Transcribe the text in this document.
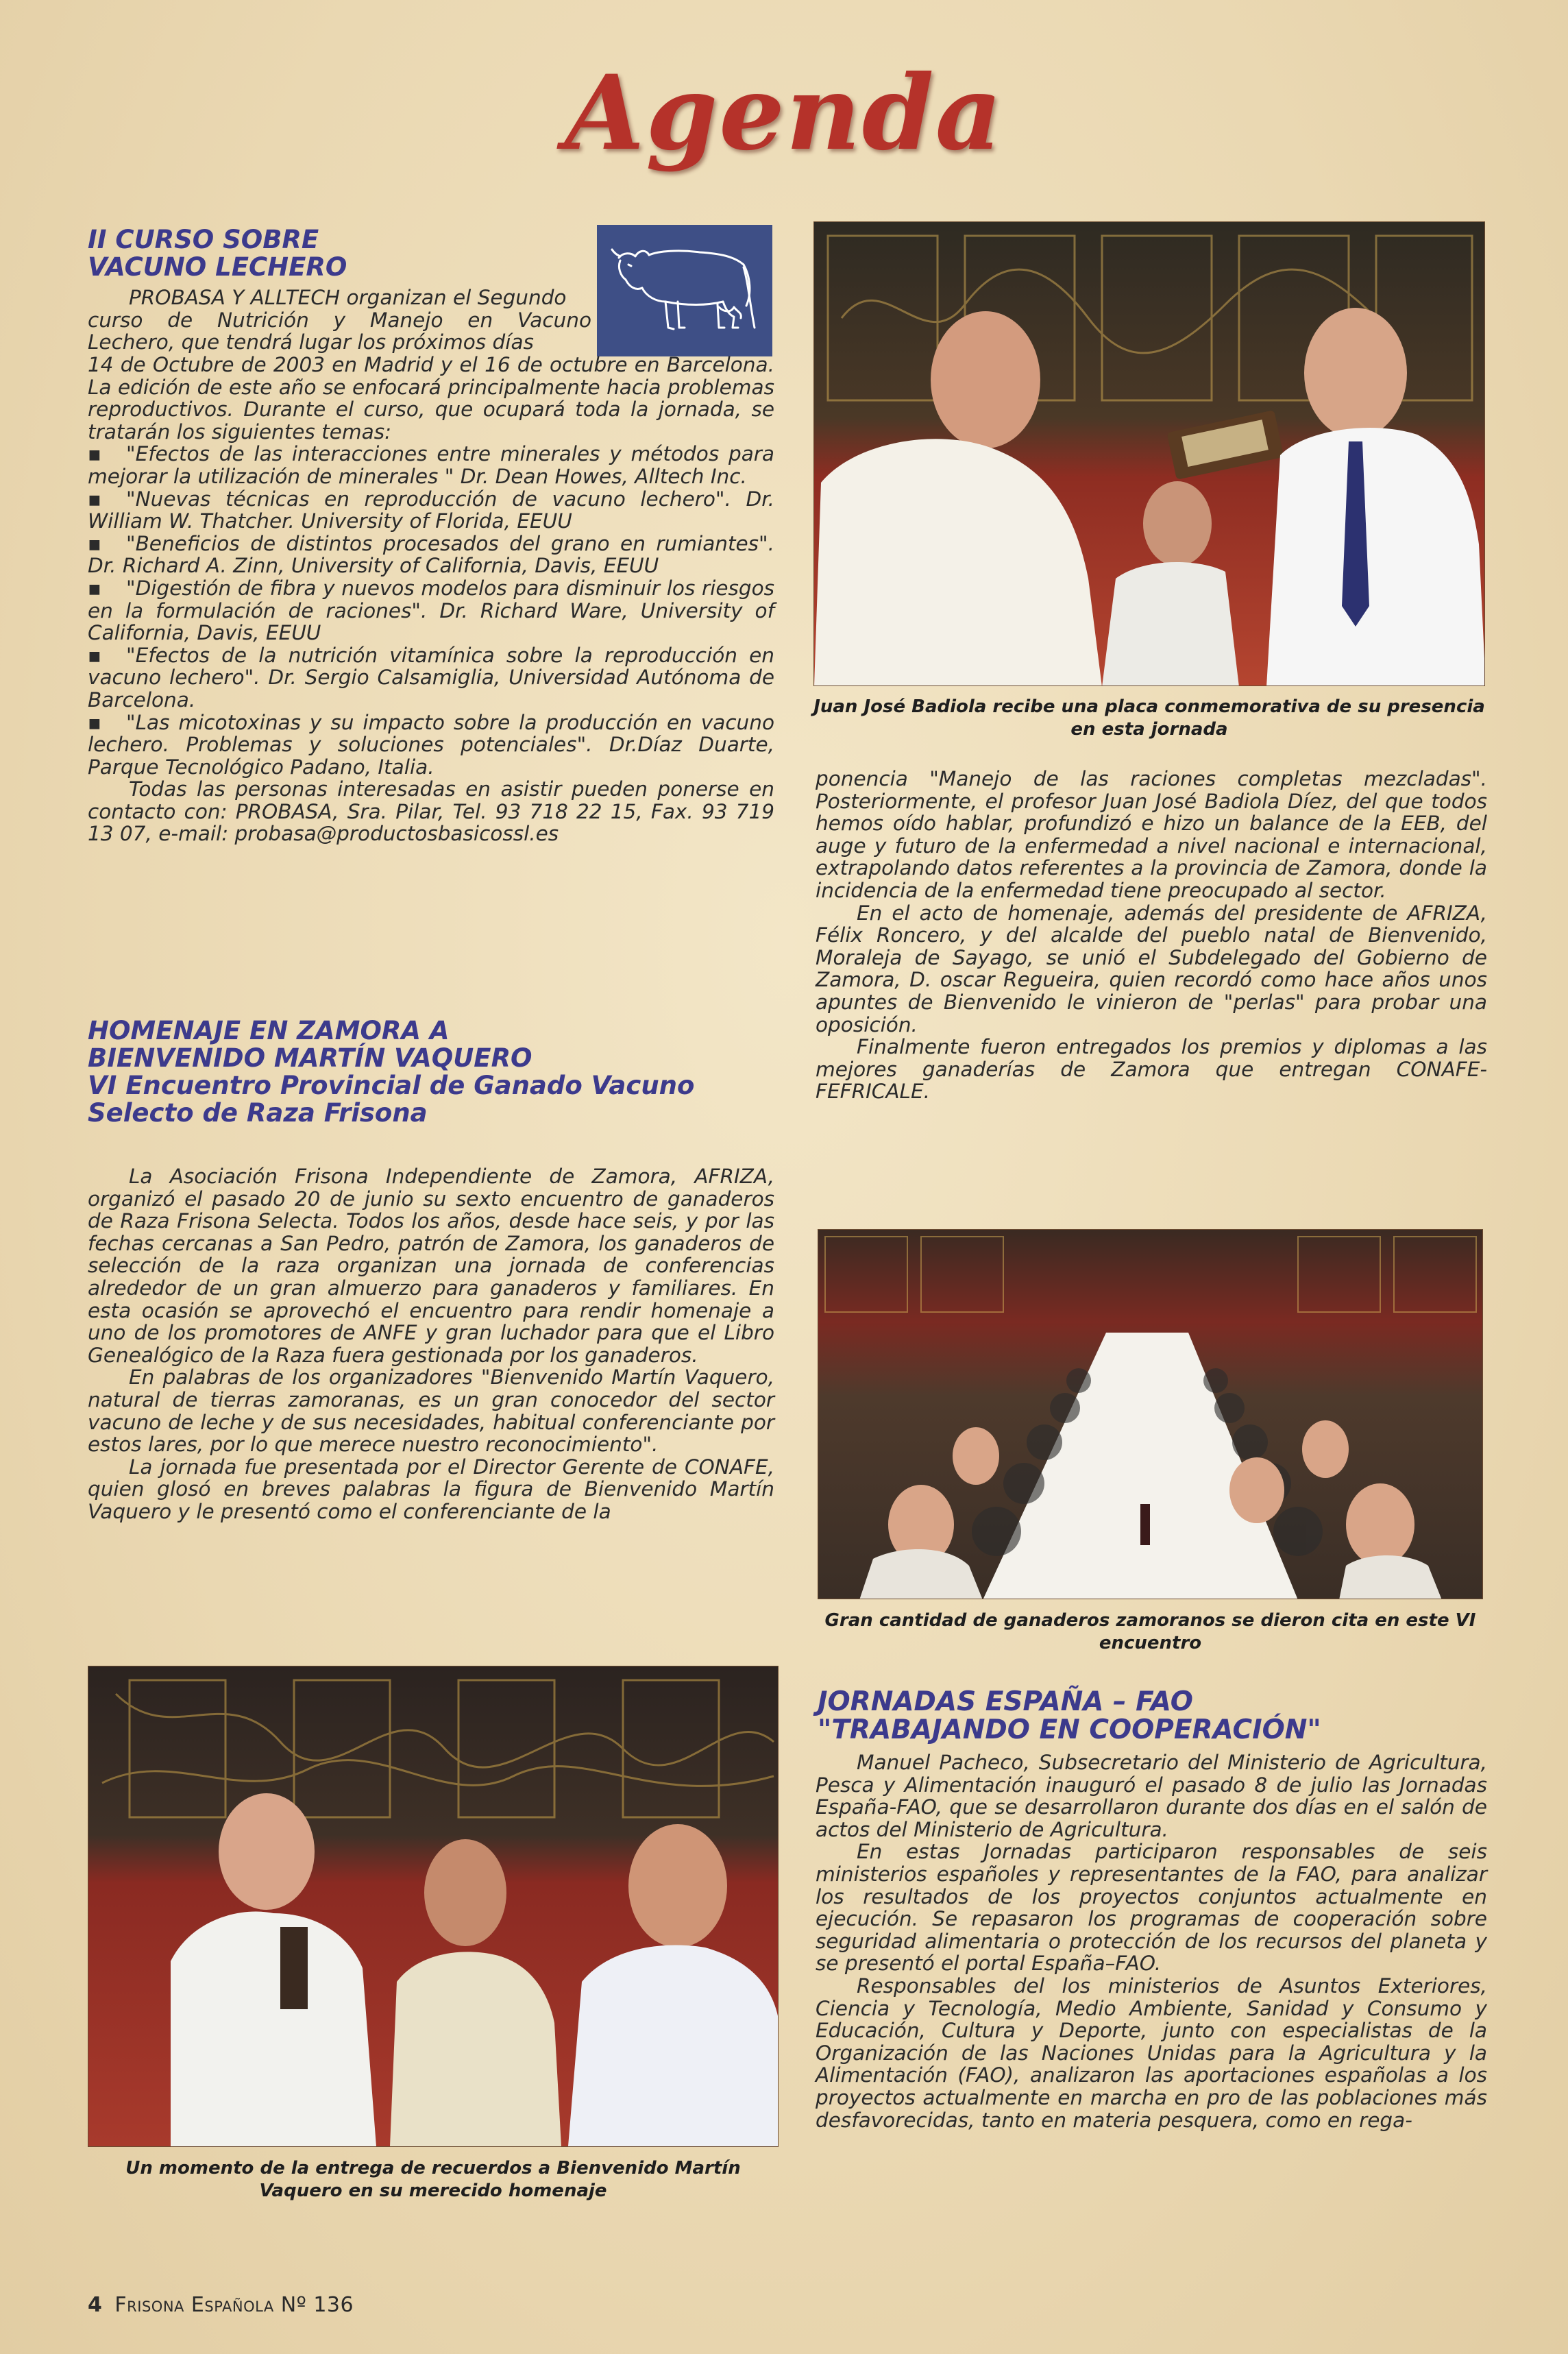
Agenda
II CURSO SOBRE
VACUNO LECHERO

PROBASA Y ALLTECH organizan el Segundo

curso de Nutrición y Manejo en Vacuno

Lechero, que tendrá lugar los próximos días

14 de Octubre de 2003 en Madrid y el 16 de octubre en Barcelona. La edición de este año se enfocará principalmente hacia problemas reproductivos. Durante el curso, que ocupará toda la jornada, se tratarán los siguientes temas:

▪ "Efectos de las interacciones entre minerales y métodos para mejorar la utilización de minerales " Dr. Dean Howes, Alltech Inc.

▪ "Nuevas técnicas en reproducción de vacuno lechero". Dr. William W. Thatcher. University of Florida, EEUU

▪ "Beneficios de distintos procesados del grano en rumiantes". Dr. Richard A. Zinn, University of California, Davis, EEUU

▪ "Digestión de fibra y nuevos modelos para disminuir los riesgos en la formulación de raciones". Dr. Richard Ware, University of California, Davis, EEUU

▪ "Efectos de la nutrición vitamínica sobre la reproducción en vacuno lechero". Dr. Sergio Calsamiglia, Universidad Autónoma de Barcelona.

▪ "Las micotoxinas y su impacto sobre la producción en vacuno lechero. Problemas y soluciones potenciales". Dr.Díaz Duarte, Parque Tecnológico Padano, Italia.

Todas las personas interesadas en asistir pueden ponerse en contacto con: PROBASA, Sra. Pilar, Tel. 93 718 22 15, Fax. 93 719 13 07, e-mail: probasa@productosbasicossl.es

HOMENAJE EN ZAMORA A
BIENVENIDO MARTÍN VAQUERO
VI Encuentro Provincial de Ganado Vacuno
Selecto de Raza Frisona

La Asociación Frisona Independiente de Zamora, AFRIZA, organizó el pasado 20 de junio su sexto encuentro de ganaderos de Raza Frisona Selecta. Todos los años, desde hace seis, y por las fechas cercanas a San Pedro, patrón de Zamora, los ganaderos de selección de la raza organizan una jornada de conferencias alrededor de un gran almuerzo para ganaderos y familiares. En esta ocasión se aprovechó el encuentro para rendir homenaje a uno de los promotores de ANFE y gran luchador para que el Libro Genealógico de la Raza fuera gestionada por los ganaderos.

En palabras de los organizadores "Bienvenido Martín Vaquero, natural de tierras zamoranas, es un gran conocedor del sector vacuno de leche y de sus necesidades, habitual conferenciante por estos lares, por lo que merece nuestro reconocimiento".

La jornada fue presentada por el Director Gerente de CONAFE, quien glosó en breves palabras la figura de Bienvenido Martín Vaquero y le presentó como el conferenciante de la

Un momento de la entrega de recuerdos a Bienvenido Martín Vaquero en su merecido homenaje
Juan José Badiola recibe una placa conmemorativa de su presencia en esta jornada

ponencia "Manejo de las raciones completas mezcladas". Posteriormente, el profesor Juan José Badiola Díez, del que todos hemos oído hablar, profundizó e hizo un balance de la EEB, del auge y futuro de la enfermedad a nivel nacional e internacional, extrapolando datos referentes a la provincia de Zamora, donde la incidencia de la enfermedad tiene preocupado al sector.

En el acto de homenaje, además del presidente de AFRIZA, Félix Roncero, y del alcalde del pueblo natal de Bienvenido, Moraleja de Sayago, se unió el Subdelegado del Gobierno de Zamora, D. oscar Regueira, quien recordó como hace años unos apuntes de Bienvenido le vinieron de "perlas" para probar una oposición.

Finalmente fueron entregados los premios y diplomas a las mejores ganaderías de Zamora que entregan CONAFE-FEFRICALE.

Gran cantidad de ganaderos zamoranos se dieron cita en este VI encuentro
JORNADAS ESPAÑA – FAO
"TRABAJANDO EN COOPERACIÓN"

Manuel Pacheco, Subsecretario del Ministerio de Agricultura, Pesca y Alimentación inauguró el pasado 8 de julio las Jornadas España-FAO, que se desarrollaron durante dos días en el salón de actos del Ministerio de Agricultura.

En estas Jornadas participaron responsables de seis ministerios españoles y representantes de la FAO, para analizar los resultados de los proyectos conjuntos actualmente en ejecución. Se repasaron los programas de cooperación sobre seguridad alimentaria o protección de los recursos del planeta y se presentó el portal España–FAO.

Responsables del los ministerios de Asuntos Exteriores, Ciencia y Tecnología, Medio Ambiente, Sanidad y Consumo y Educación, Cultura y Deporte, junto con especialistas de la Organización de las Naciones Unidas para la Agricultura y la Alimentación (FAO), analizaron las aportaciones españolas a los proyectos actualmente en marcha en pro de las poblaciones más desfavorecidas, tanto en materia pesquera, como en rega-

4 Frisona Española Nº 136
